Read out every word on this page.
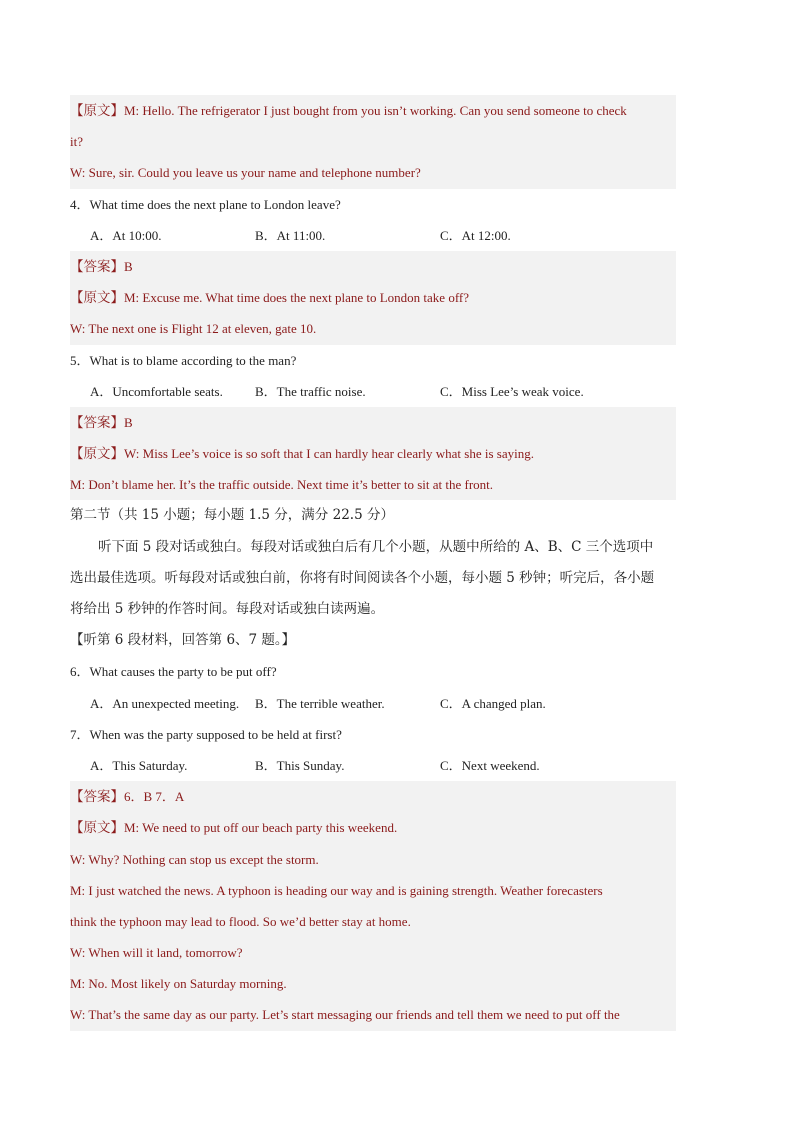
【原文】M: Hello. The refrigerator I just bought from you isn’t working. Can you send someone to check
it?
W: Sure, sir. Could you leave us your name and telephone number?
4．What time does the next plane to London leave?
A．At 10:00.	B．At 11:00.	C．At 12:00.
【答案】B
【原文】M: Excuse me. What time does the next plane to London take off?
W: The next one is Flight 12 at eleven, gate 10.
5．What is to blame according to the man?
A．Uncomfortable seats.	B．The traffic noise.	C．Miss Lee’s weak voice.
【答案】B
【原文】W: Miss Lee’s voice is so soft that I can hardly hear clearly what she is saying.
M: Don’t blame her. It’s the traffic outside. Next time it’s better to sit at the front.
第二节（共 15 小题；每小题 1.5 分，满分 22.5 分）
听下面 5 段对话或独白。每段对话或独白后有几个小题，从题中所给的 A、B、C 三个选项中
选出最佳选项。听每段对话或独白前，你将有时间阅读各个小题，每小题 5 秒钟；听完后，各小题
将给出 5 秒钟的作答时间。每段对话或独白读两遍。
【听第 6 段材料，回答第 6、7 题。】
6．What causes the party to be put off?
A．An unexpected meeting.	B．The terrible weather.	C．A changed plan.
7．When was the party supposed to be held at first?
A．This Saturday.	B．This Sunday.	C．Next weekend.
【答案】6．B 7．A
【原文】M: We need to put off our beach party this weekend.
W: Why? Nothing can stop us except the storm.
M: I just watched the news. A typhoon is heading our way and is gaining strength. Weather forecasters
think the typhoon may lead to flood. So we’d better stay at home.
W: When will it land, tomorrow?
M: No. Most likely on Saturday morning.
W: That’s the same day as our party. Let’s start messaging our friends and tell them we need to put off the
